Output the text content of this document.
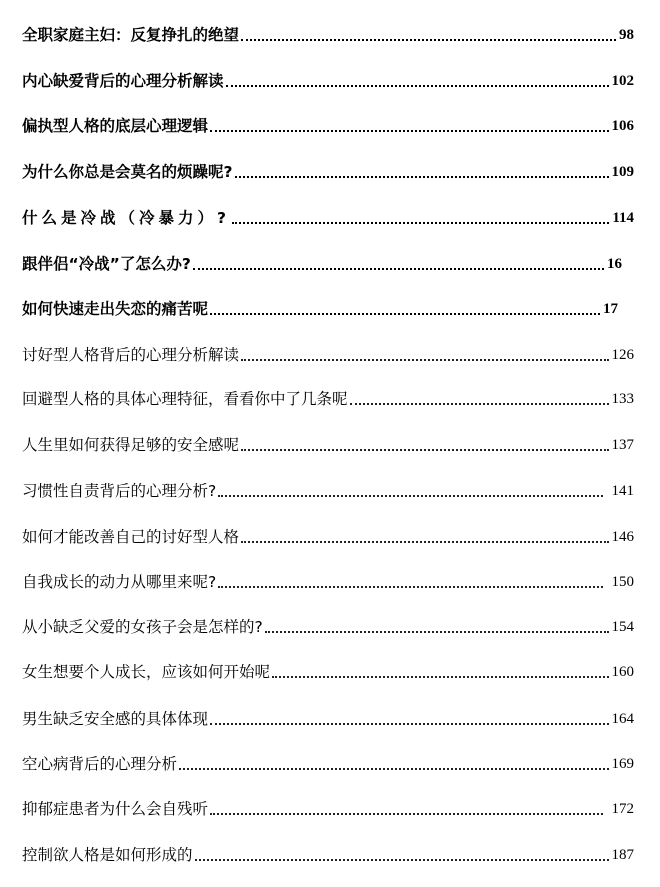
全职家庭主妇：反复挣扎的绝望	98
内心缺爱背后的心理分析解读	102
偏执型人格的底层心理逻辑	106
为什么你总是会莫名的烦躁呢?	109
什么是冷战（冷暴力）?	114
跟伴侣“冷战”了怎么办?	16
如何快速走出失恋的痛苦呢	17
讨好型人格背后的心理分析解读	126
回避型人格的具体心理特征，看看你中了几条呢	133
人生里如何获得足够的安全感呢	137
习惯性自责背后的心理分析?	141
如何才能改善自己的讨好型人格	146
自我成长的动力从哪里来呢?	150
从小缺乏父爱的女孩子会是怎样的?	154
女生想要个人成长，应该如何开始呢	160
男生缺乏安全感的具体体现	164
空心病背后的心理分析	169
抑郁症患者为什么会自残听	172
控制欲人格是如何形成的	187
